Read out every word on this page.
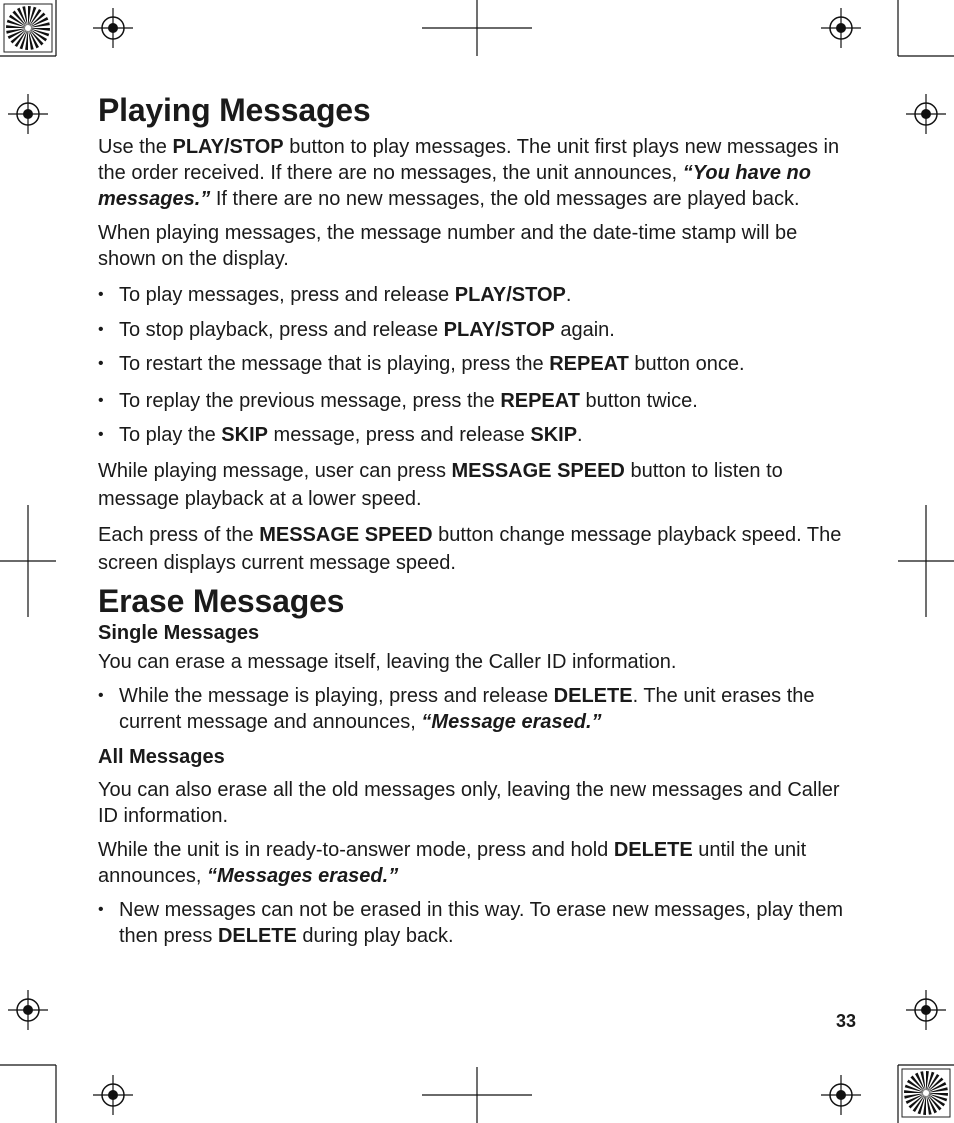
Playing Messages

Use the PLAY/STOP button to play messages. The unit first plays new messages in the order received. If there are no messages, the unit announces, “You have no messages.” If there are no new messages, the old messages are played back.

When playing messages, the message number and the date-time stamp will be shown on the display.

• To play messages, press and release PLAY/STOP.
• To stop playback, press and release PLAY/STOP again.
• To restart the message that is playing, press the REPEAT button once.
• To replay the previous message, press the REPEAT button twice.
• To play the SKIP message, press and release SKIP.

While playing message, user can press MESSAGE SPEED button to listen to message playback at a lower speed.

Each press of the MESSAGE SPEED button change message playback speed. The screen displays current message speed.

Erase Messages
Single Messages

You can erase a message itself, leaving the Caller ID information.

• While the message is playing, press and release DELETE. The unit erases the current message and announces, “Message erased.”
All Messages

You can also erase all the old messages only, leaving the new messages and Caller ID information.

While the unit is in ready-to-answer mode, press and hold DELETE until the unit announces, “Messages erased.”

• New messages can not be erased in this way. To erase new messages, play them then press DELETE during play back.
33
